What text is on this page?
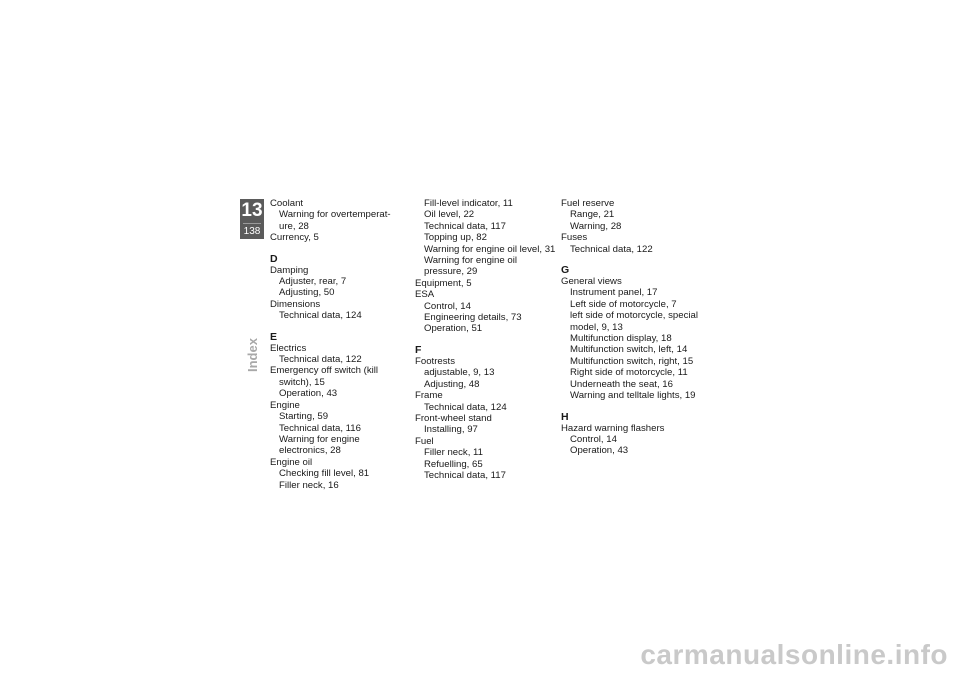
13
138
Index
Coolant
Warning for overtemperat-
ure, 28
Currency, 5
D
Damping
Adjuster, rear, 7
Adjusting, 50
Dimensions
Technical data, 124
E
Electrics
Technical data, 122
Emergency off switch (kill
switch), 15
Operation, 43
Engine
Starting, 59
Technical data, 116
Warning for engine
electronics, 28
Engine oil
Checking fill level, 81
Filler neck, 16
Fill-level indicator, 11
Oil level, 22
Technical data, 117
Topping up, 82
Warning for engine oil level, 31
Warning for engine oil
pressure, 29
Equipment, 5
ESA
Control, 14
Engineering details, 73
Operation, 51
F
Footrests
adjustable, 9, 13
Adjusting, 48
Frame
Technical data, 124
Front-wheel stand
Installing, 97
Fuel
Filler neck, 11
Refuelling, 65
Technical data, 117
Fuel reserve
Range, 21
Warning, 28
Fuses
Technical data, 122
G
General views
Instrument panel, 17
Left side of motorcycle, 7
left side of motorcycle, special
model, 9, 13
Multifunction display, 18
Multifunction switch, left, 14
Multifunction switch, right, 15
Right side of motorcycle, 11
Underneath the seat, 16
Warning and telltale lights, 19
H
Hazard warning flashers
Control, 14
Operation, 43
carmanualsonline.info
